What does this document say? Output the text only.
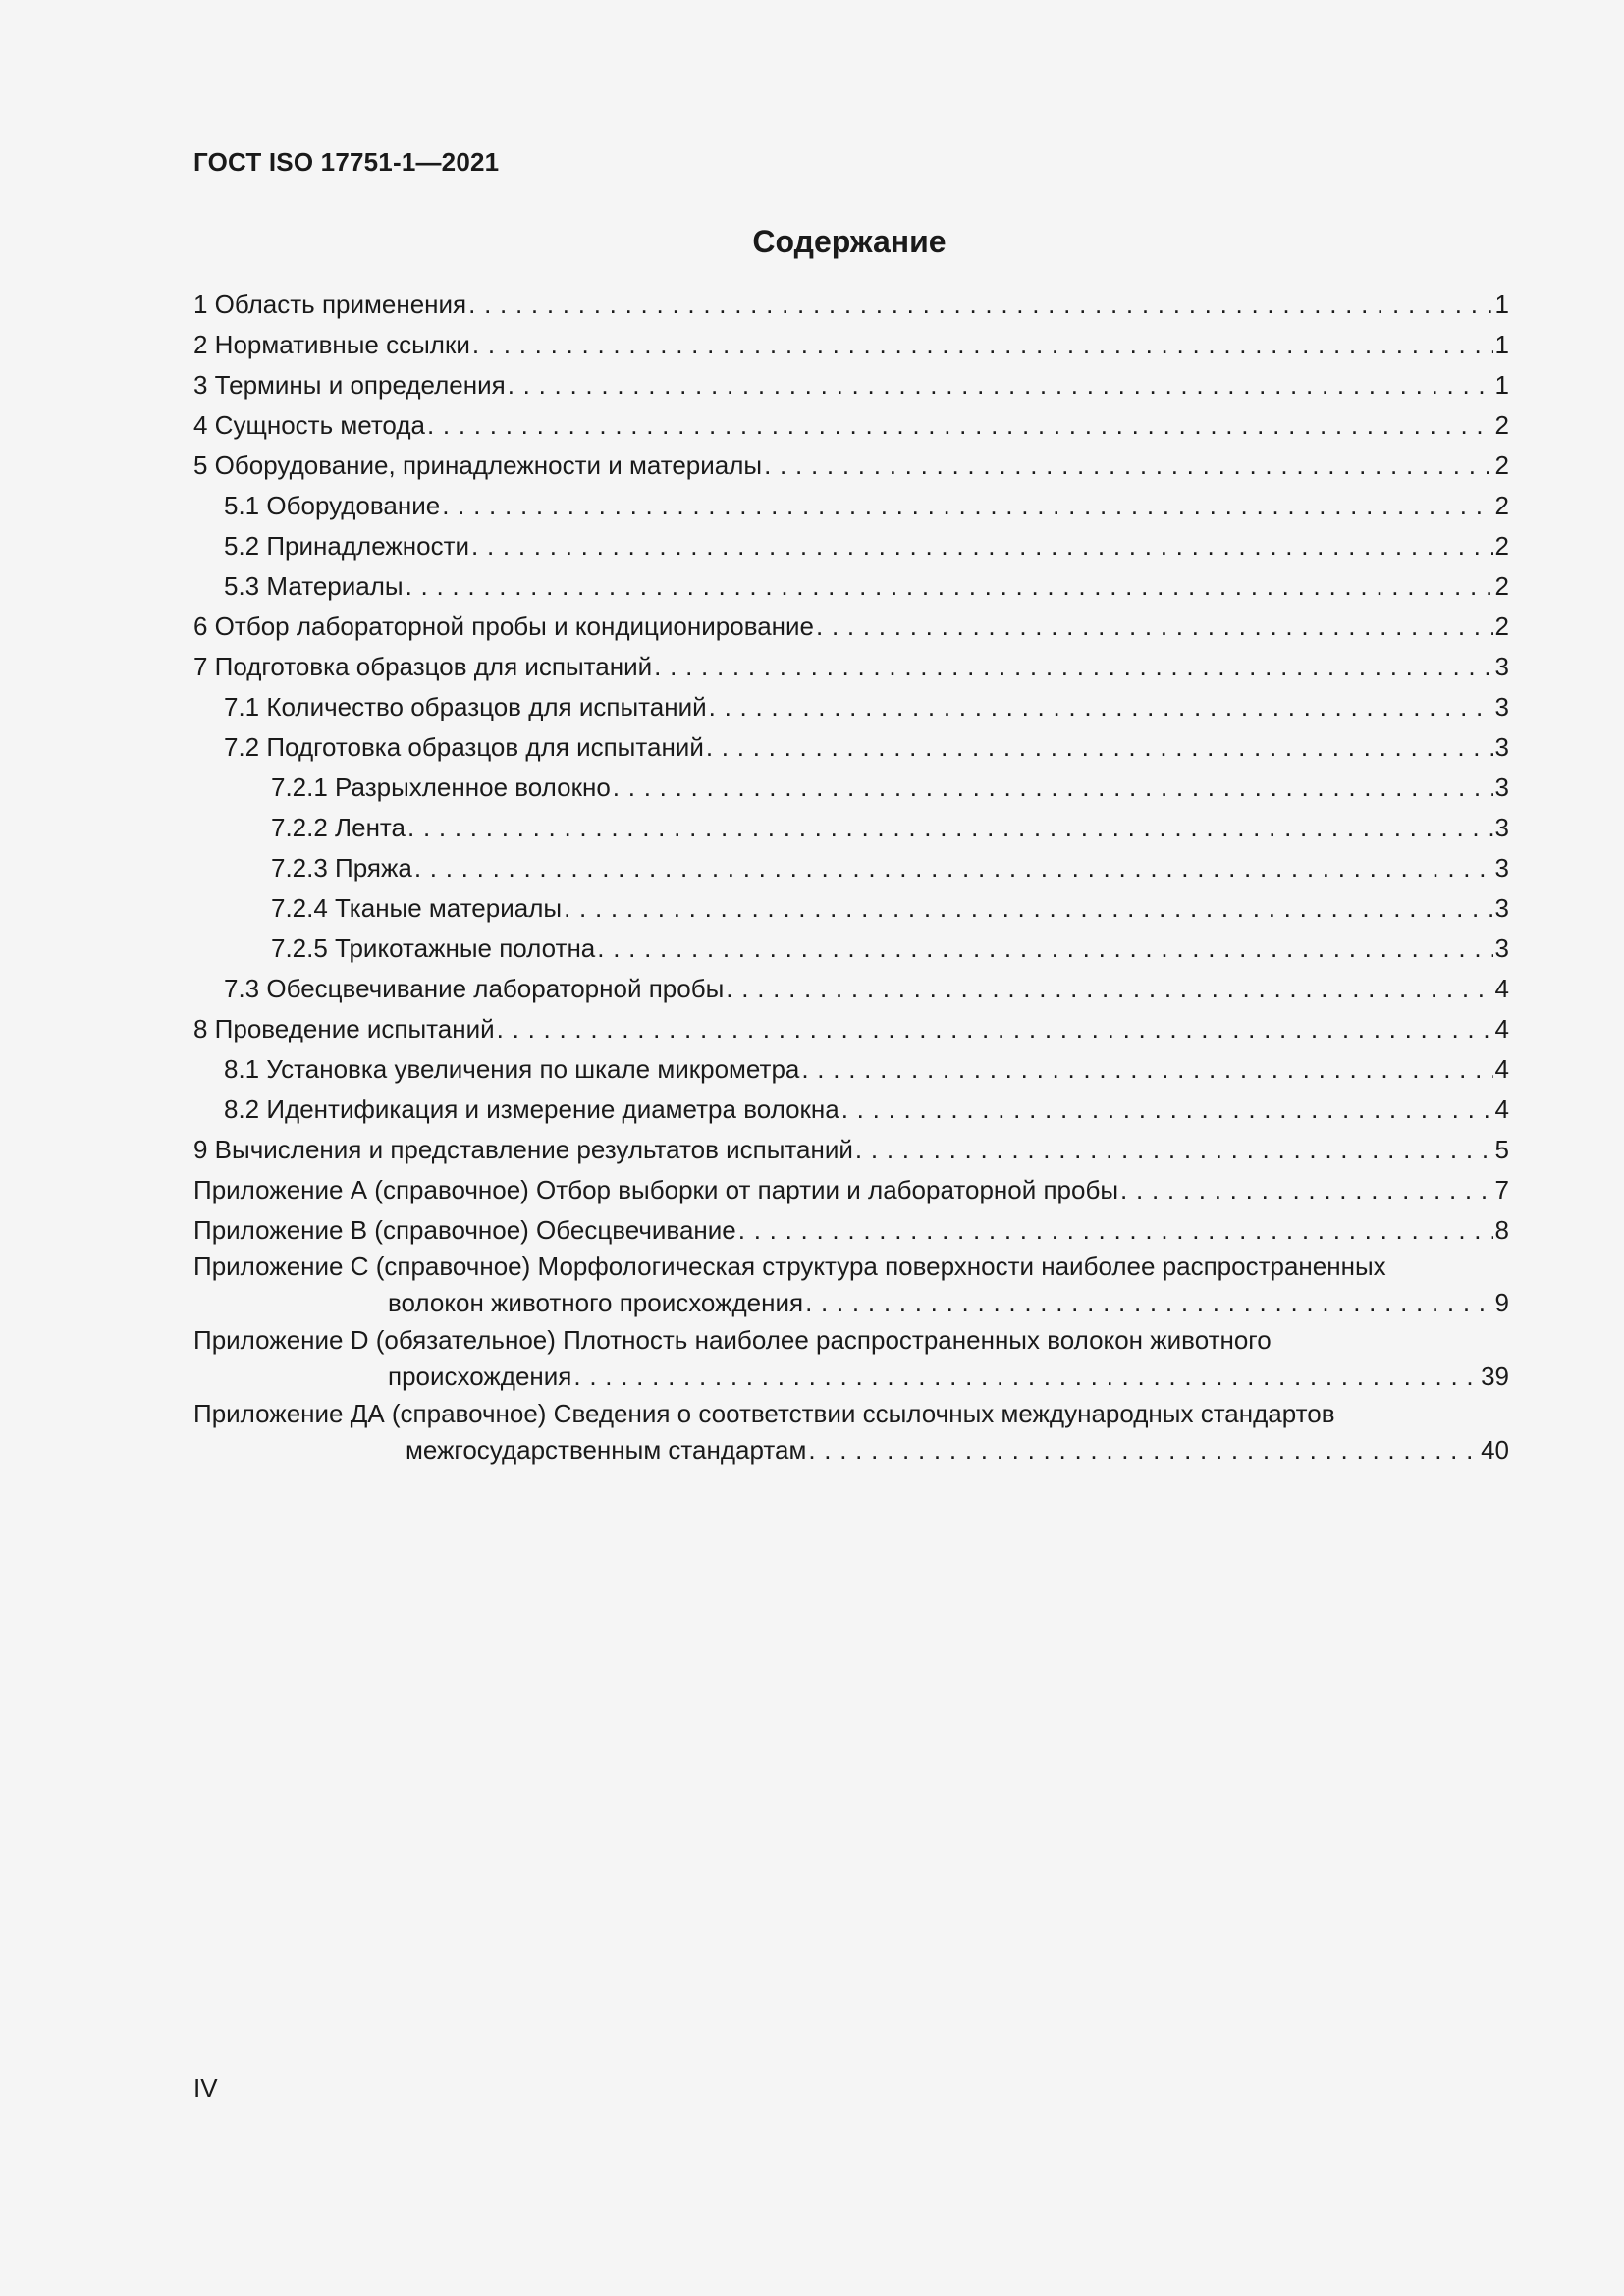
ГОСТ ISO 17751-1—2021
Содержание
1 Область применения . . .	1
2 Нормативные ссылки . . .	1
3 Термины и определения . . .	1
4 Сущность метода . . .	2
5 Оборудование, принадлежности и материалы . . .	2
5.1 Оборудование . . .	2
5.2 Принадлежности . . .	2
5.3 Материалы . . .	2
6 Отбор лабораторной пробы и кондиционирование . . .	2
7 Подготовка образцов для испытаний . . .	3
7.1 Количество образцов для испытаний . . .	3
7.2 Подготовка образцов для испытаний . . .	3
7.2.1 Разрыхленное волокно . . .	3
7.2.2 Лента . . .	3
7.2.3 Пряжа . . .	3
7.2.4 Тканые материалы . . .	3
7.2.5 Трикотажные полотна . . .	3
7.3 Обесцвечивание лабораторной пробы . . .	4
8 Проведение испытаний . . .	4
8.1 Установка увеличения по шкале микрометра . . .	4
8.2 Идентификация и измерение диаметра волокна . . .	4
9 Вычисления и представление результатов испытаний . . .	5
Приложение А (справочное) Отбор выборки от партии и лабораторной пробы . . .	7
Приложение В (справочное) Обесцвечивание . . .	8
Приложение С (справочное) Морфологическая структура поверхности наиболее распространенных
волокон животного происхождения . . .	9
Приложение D (обязательное) Плотность наиболее распространенных волокон животного
происхождения . . .	39
Приложение ДА (справочное) Сведения о соответствии ссылочных международных стандартов
межгосударственным стандартам . . .	40
IV
